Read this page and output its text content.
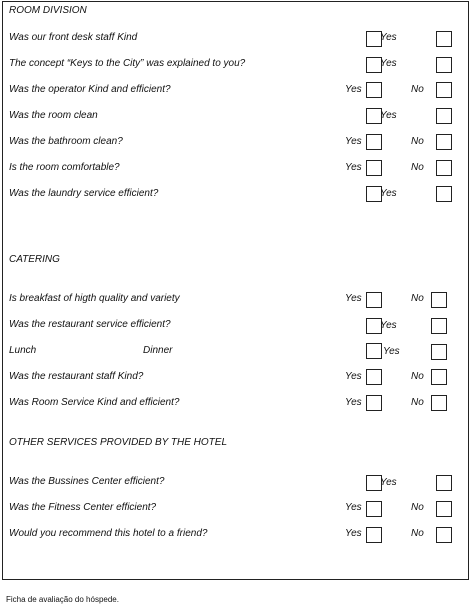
ROOM DIVISION
Was our front desk staff Kind	Yes
The concept “Keys to the City” was explained to you?	Yes
Was the operator Kind and efficient?	Yes	No
Was the room clean	Yes
Was the bathroom clean?	Yes	No
Is the room comfortable?	Yes	No
Was the laundry service efficient?	Yes
CATERING
Is breakfast of higth quality and variety	Yes	No
Was the restaurant service efficient?	Yes
Lunch	Dinner	Yes
Was the restaurant staff Kind?	Yes	No
Was Room Service Kind and efficient?	Yes	No
OTHER SERVICES PROVIDED BY THE HOTEL
Was the Bussines Center efficient?	Yes
Was the Fitness Center efficient?	Yes	No
Would you recommend this hotel to a friend?	Yes	No
Ficha de avaliação do hóspede.
